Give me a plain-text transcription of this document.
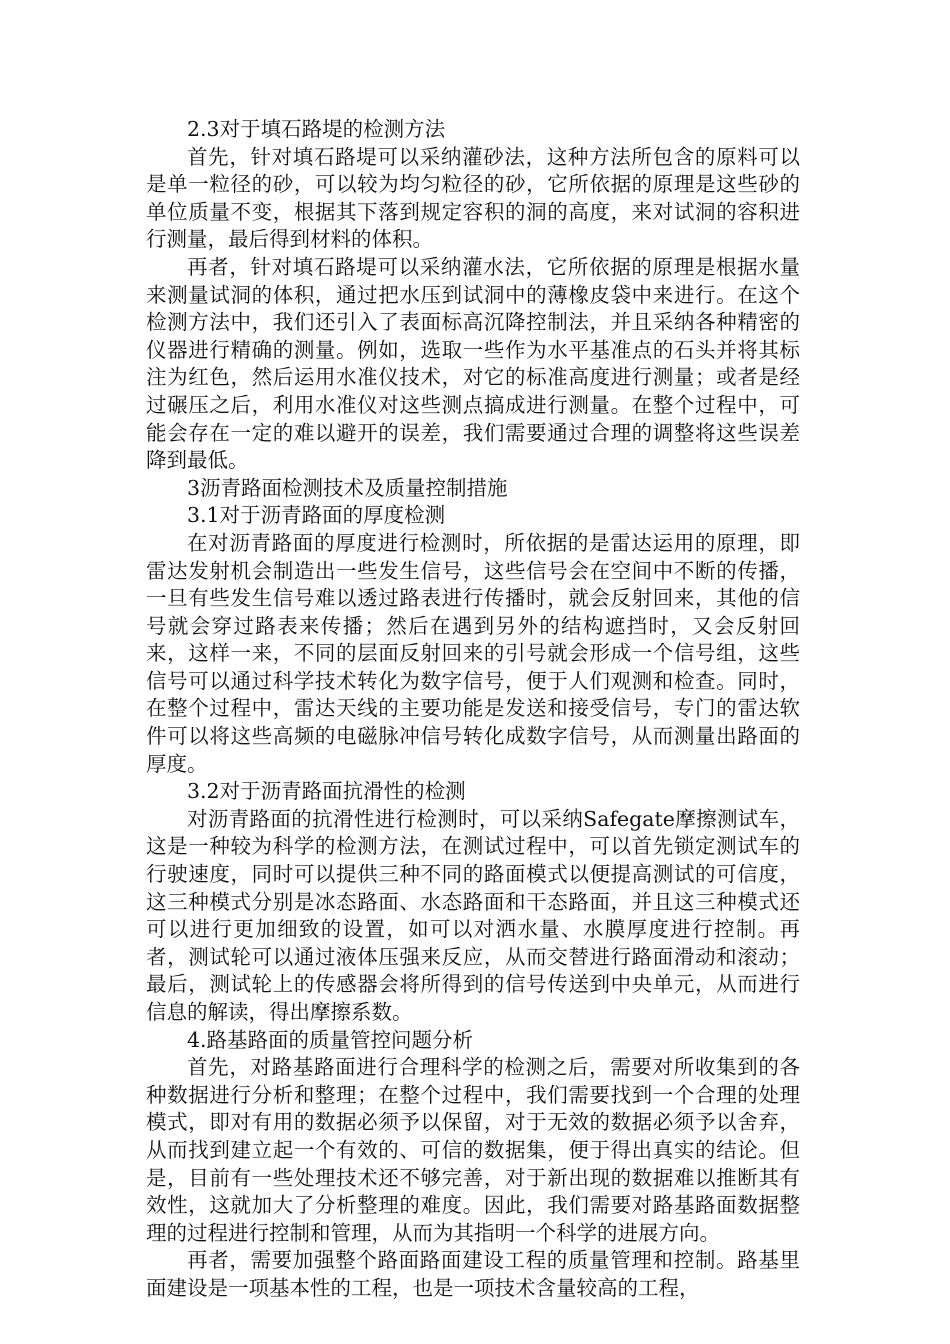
2.3对于填石路堤的检测方法

首先，针对填石路堤可以采纳灌砂法，这种方法所包含的原料可以是单一粒径的砂，可以较为均匀粒径的砂，它所依据的原理是这些砂的单位质量不变，根据其下落到规定容积的洞的高度，来对试洞的容积进行测量，最后得到材料的体积。

再者，针对填石路堤可以采纳灌水法，它所依据的原理是根据水量来测量试洞的体积，通过把水压到试洞中的薄橡皮袋中来进行。在这个检测方法中，我们还引入了表面标高沉降控制法，并且采纳各种精密的仪器进行精确的测量。例如，选取一些作为水平基准点的石头并将其标注为红色，然后运用水准仪技术，对它的标准高度进行测量；或者是经过碾压之后，利用水准仪对这些测点搞成进行测量。在整个过程中，可能会存在一定的难以避开的误差，我们需要通过合理的调整将这些误差降到最低。

3沥青路面检测技术及质量控制措施

3.1对于沥青路面的厚度检测

在对沥青路面的厚度进行检测时，所依据的是雷达运用的原理，即雷达发射机会制造出一些发生信号，这些信号会在空间中不断的传播，一旦有些发生信号难以透过路表进行传播时，就会反射回来，其他的信号就会穿过路表来传播；然后在遇到另外的结构遮挡时，又会反射回来，这样一来，不同的层面反射回来的引号就会形成一个信号组，这些信号可以通过科学技术转化为数字信号，便于人们观测和检查。同时，在整个过程中，雷达天线的主要功能是发送和接受信号，专门的雷达软件可以将这些高频的电磁脉冲信号转化成数字信号，从而测量出路面的厚度。

3.2对于沥青路面抗滑性的检测

对沥青路面的抗滑性进行检测时，可以采纳Safegate摩擦测试车，这是一种较为科学的检测方法，在测试过程中，可以首先锁定测试车的行驶速度，同时可以提供三种不同的路面模式以便提高测试的可信度，这三种模式分别是冰态路面、水态路面和干态路面，并且这三种模式还可以进行更加细致的设置，如可以对洒水量、水膜厚度进行控制。再者，测试轮可以通过液体压强来反应，从而交替进行路面滑动和滚动；最后，测试轮上的传感器会将所得到的信号传送到中央单元，从而进行信息的解读，得出摩擦系数。

4.路基路面的质量管控问题分析

首先，对路基路面进行合理科学的检测之后，需要对所收集到的各种数据进行分析和整理；在整个过程中，我们需要找到一个合理的处理模式，即对有用的数据必须予以保留，对于无效的数据必须予以舍弃，从而找到建立起一个有效的、可信的数据集，便于得出真实的结论。但是，目前有一些处理技术还不够完善，对于新出现的数据难以推断其有效性，这就加大了分析整理的难度。因此，我们需要对路基路面数据整理的过程进行控制和管理，从而为其指明一个科学的进展方向。

再者，需要加强整个路面路面建设工程的质量管理和控制。路基里面建设是一项基本性的工程，也是一项技术含量较高的工程，
